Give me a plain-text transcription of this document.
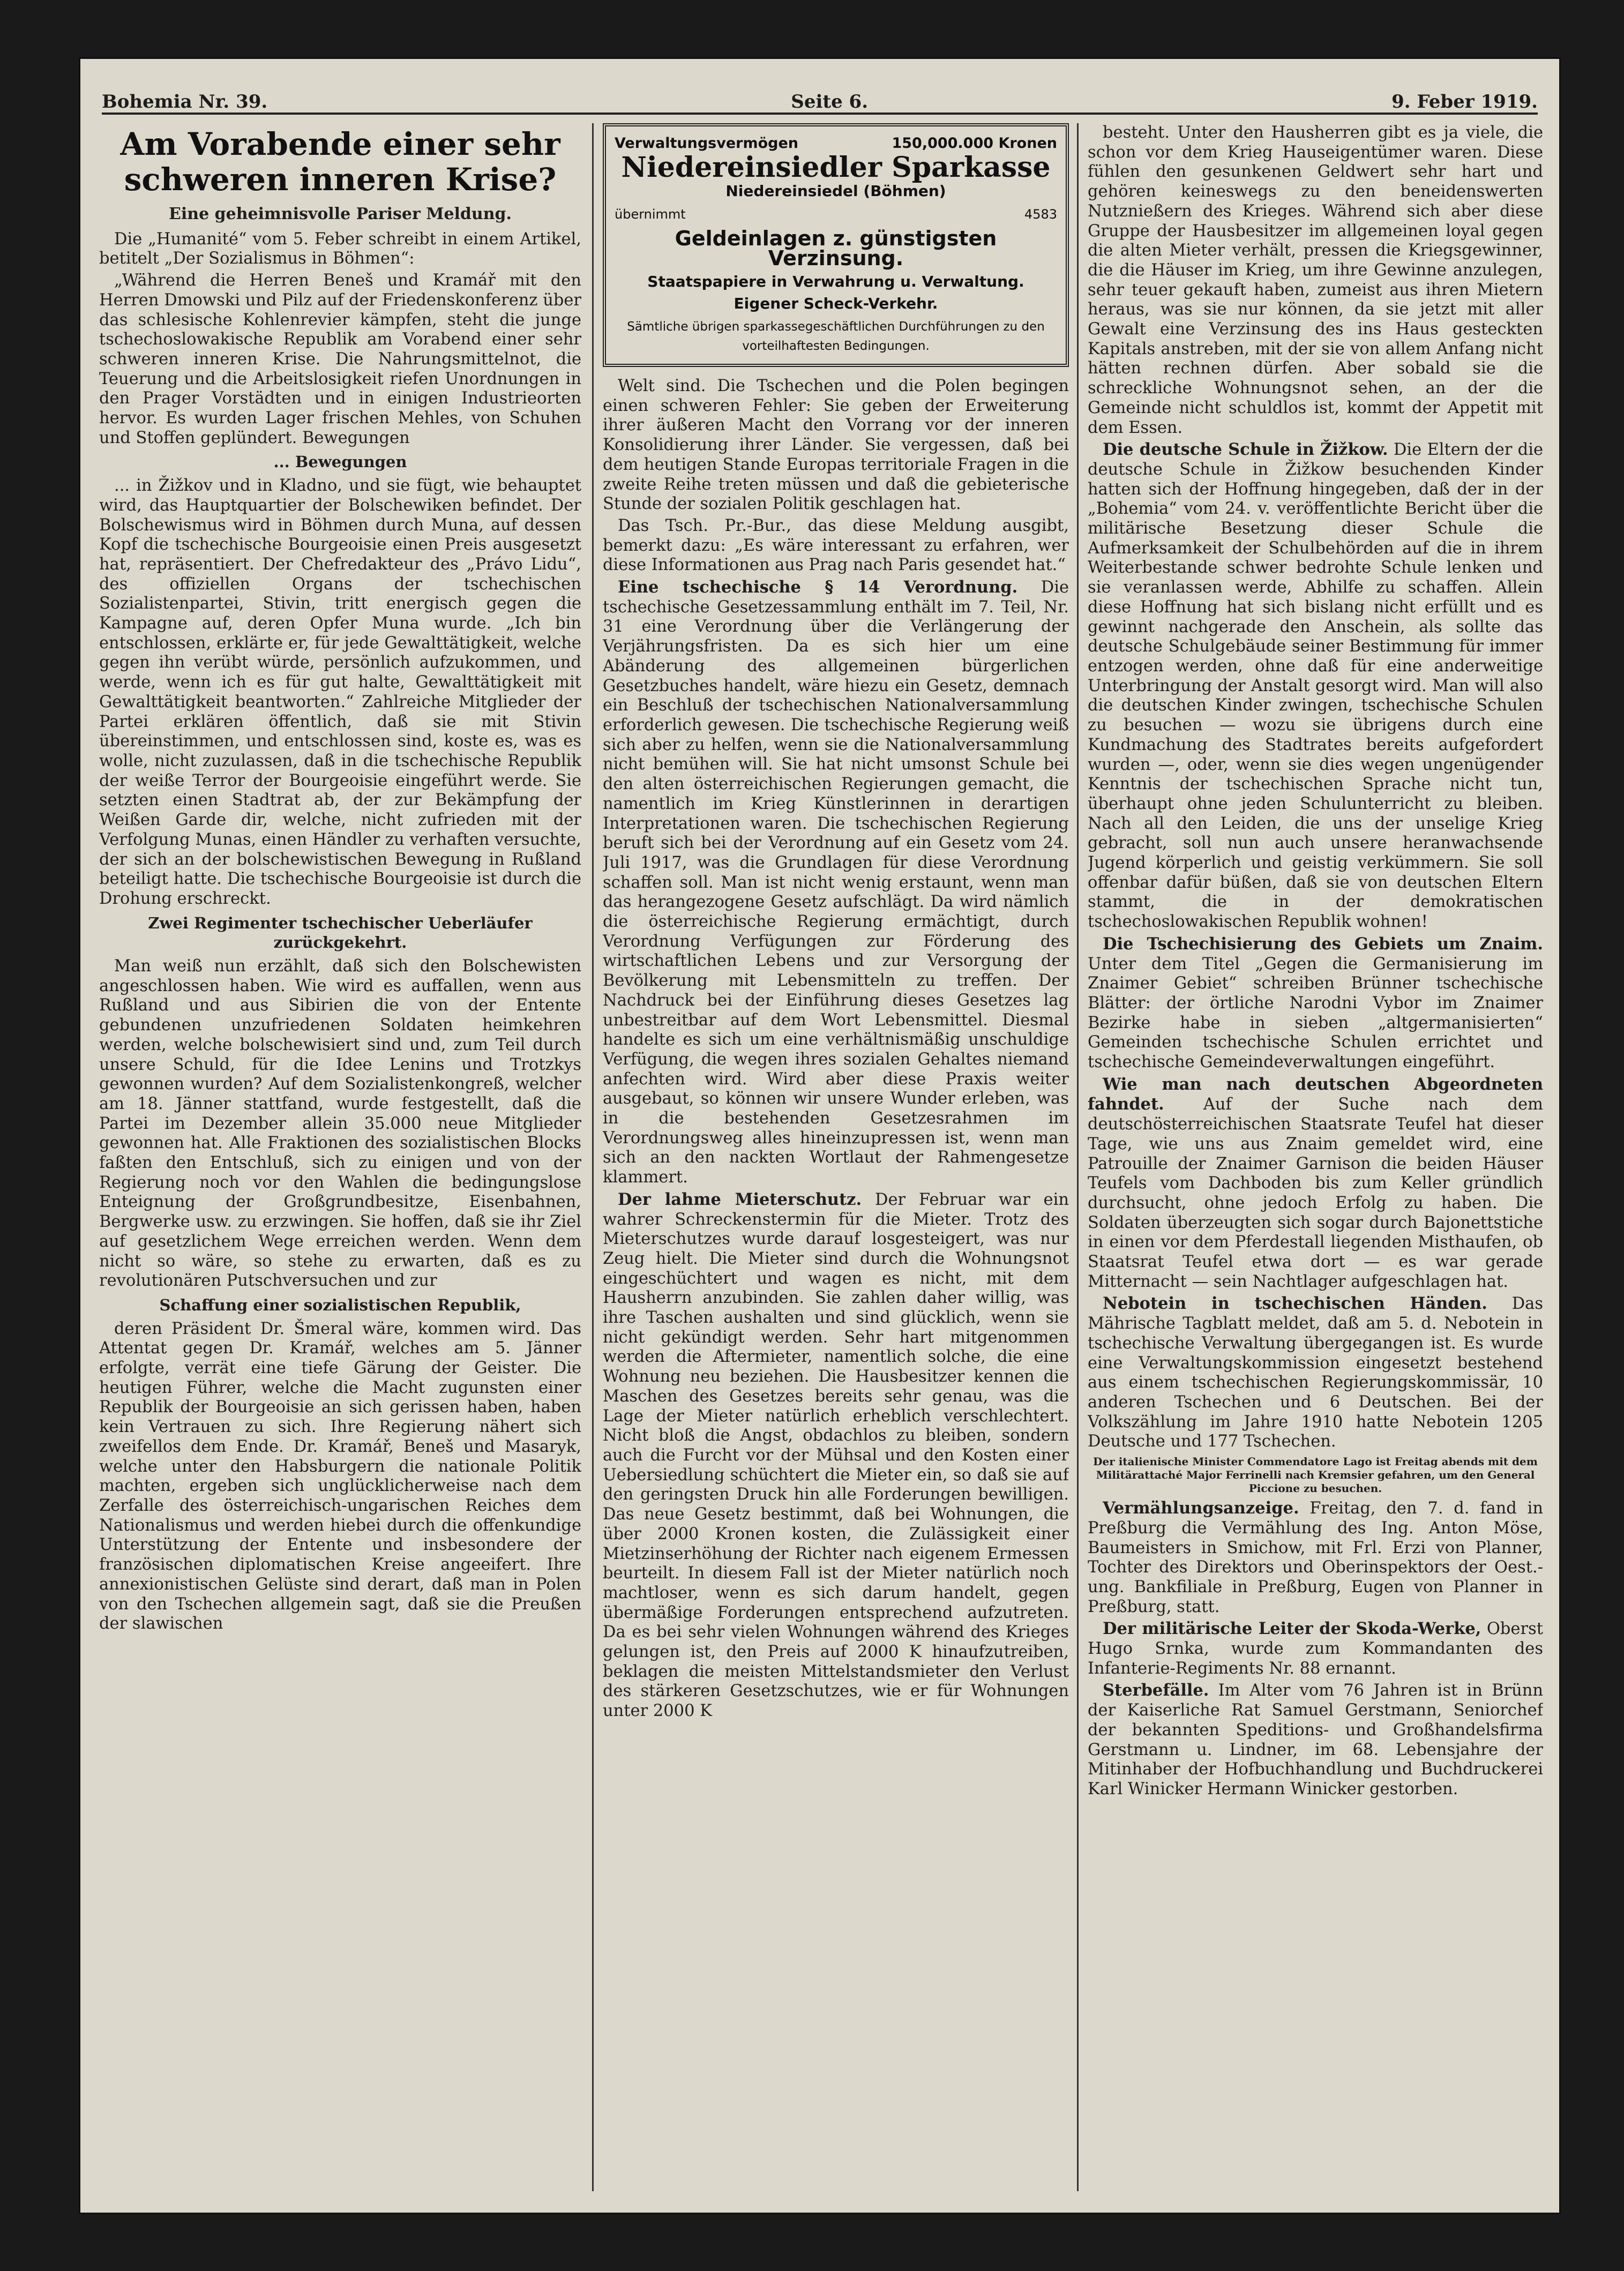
Bohemia Nr. 39.	Seite 6.	9. Feber 1919.
Am Vorabende einer sehr schweren inneren Krise?
Eine geheimnisvolle Pariser Meldung.

Die „Humanité“ vom 5. Feber schreibt in einem Artikel, betitelt „Der Sozialismus in Böhmen“:

„Während die Herren Beneš und Kramář mit den Herren Dmowski und Pilz auf der Friedenskonferenz über das schlesische Kohlenrevier kämpfen, steht die junge tschechoslowakische Republik am Vorabend einer sehr schweren inneren Krise. Die Nahrungsmittelnot, die Teuerung und die Arbeitslosigkeit riefen Unordnungen in den Prager Vorstädten und in einigen Industrieorten hervor. Es wurden Lager frischen Mehles, von Schuhen und Stoffen geplündert. Bewegungen

... Bewegungen

... in Žižkov und in Kladno, und sie fügt, wie behauptet wird, das Hauptquartier der Bolschewiken befindet. Der Bolschewismus wird in Böhmen durch Muna, auf dessen Kopf die tschechische Bourgeoisie einen Preis ausgesetzt hat, repräsentiert. Der Chefredakteur des „Právo Lidu“, des offiziellen Organs der tschechischen Sozialistenpartei, Stivin, tritt energisch gegen die Kampagne auf, deren Opfer Muna wurde. „Ich bin entschlossen, erklärte er, für jede Gewalttätigkeit, welche gegen ihn verübt würde, persönlich aufzukommen, und werde, wenn ich es für gut halte, Gewalttätigkeit mit Gewalttätigkeit beantworten.“ Zahlreiche Mitglieder der Partei erklären öffentlich, daß sie mit Stivin übereinstimmen, und entschlossen sind, koste es, was es wolle, nicht zuzulassen, daß in die tschechische Republik der weiße Terror der Bourgeoisie eingeführt werde. Sie setzten einen Stadtrat ab, der zur Bekämpfung der Weißen Garde dir, welche, nicht zufrieden mit der Verfolgung Munas, einen Händler zu verhaften versuchte, der sich an der bolschewistischen Bewegung in Rußland beteiligt hatte. Die tschechische Bourgeoisie ist durch die Drohung erschreckt.

Zwei Regimenter tschechischer Ueberläufer zurückgekehrt.

Man weiß nun erzählt, daß sich den Bolschewisten angeschlossen haben. Wie wird es auffallen, wenn aus Rußland und aus Sibirien die von der Entente gebundenen unzufriedenen Soldaten heimkehren werden, welche bolschewisiert sind und, zum Teil durch unsere Schuld, für die Idee Lenins und Trotzkys gewonnen wurden? Auf dem Sozialistenkongreß, welcher am 18. Jänner stattfand, wurde festgestellt, daß die Partei im Dezember allein 35.000 neue Mitglieder gewonnen hat. Alle Fraktionen des sozialistischen Blocks faßten den Entschluß, sich zu einigen und von der Regierung noch vor den Wahlen die bedingungslose Enteignung der Großgrundbesitze, Eisenbahnen, Bergwerke usw. zu erzwingen. Sie hoffen, daß sie ihr Ziel auf gesetzlichem Wege erreichen werden. Wenn dem nicht so wäre, so stehe zu erwarten, daß es zu revolutionären Putschversuchen und zur

Schaffung einer sozialistischen Republik,

deren Präsident Dr. Šmeral wäre, kommen wird. Das Attentat gegen Dr. Kramář, welches am 5. Jänner erfolgte, verrät eine tiefe Gärung der Geister. Die heutigen Führer, welche die Macht zugunsten einer Republik der Bourgeoisie an sich gerissen haben, haben kein Vertrauen zu sich. Ihre Regierung nähert sich zweifellos dem Ende. Dr. Kramář, Beneš und Masaryk, welche unter den Habsburgern die nationale Politik machten, ergeben sich unglücklicherweise nach dem Zerfalle des österreichisch-ungarischen Reiches dem Nationalismus und werden hiebei durch die offenkundige Unterstützung der Entente und insbesondere der französischen diplomatischen Kreise angeeifert. Ihre annexionistischen Gelüste sind derart, daß man in Polen von den Tschechen allgemein sagt, daß sie die Preußen der slawischen

Verwaltungsvermögen	150,000.000 Kronen
Niedereinsiedler Sparkasse
Niedereinsiedel (Böhmen)
übernimmt	4583
Geldeinlagen z. günstigsten Verzinsung.
Staatspapiere in Verwahrung u. Verwaltung.
Eigener Scheck-Verkehr.
Sämtliche übrigen sparkassegeschäftlichen Durchführungen zu den vorteilhaftesten Bedingungen.

Welt sind. Die Tschechen und die Polen begingen einen schweren Fehler: Sie geben der Erweiterung ihrer äußeren Macht den Vorrang vor der inneren Konsolidierung ihrer Länder. Sie vergessen, daß bei dem heutigen Stande Europas territoriale Fragen in die zweite Reihe treten müssen und daß die gebieterische Stunde der sozialen Politik geschlagen hat.

Das Tsch. Pr.-Bur., das diese Meldung ausgibt, bemerkt dazu: „Es wäre interessant zu erfahren, wer diese Informationen aus Prag nach Paris gesendet hat.“

Eine tschechische § 14 Verordnung. Die tschechische Gesetzessammlung enthält im 7. Teil, Nr. 31 eine Verordnung über die Verlängerung der Verjährungsfristen. Da es sich hier um eine Abänderung des allgemeinen bürgerlichen Gesetzbuches handelt, wäre hiezu ein Gesetz, demnach ein Beschluß der tschechischen Nationalversammlung erforderlich gewesen. Die tschechische Regierung weiß sich aber zu helfen, wenn sie die Nationalversammlung nicht bemühen will. Sie hat nicht umsonst Schule bei den alten österreichischen Regierungen gemacht, die namentlich im Krieg Künstlerinnen in derartigen Interpretationen waren. Die tschechischen Regierung beruft sich bei der Verordnung auf ein Gesetz vom 24. Juli 1917, was die Grundlagen für diese Verordnung schaffen soll. Man ist nicht wenig erstaunt, wenn man das herangezogene Gesetz aufschlägt. Da wird nämlich die österreichische Regierung ermächtigt, durch Verordnung Verfügungen zur Förderung des wirtschaftlichen Lebens und zur Versorgung der Bevölkerung mit Lebensmitteln zu treffen. Der Nachdruck bei der Einführung dieses Gesetzes lag unbestreitbar auf dem Wort Lebensmittel. Diesmal handelte es sich um eine verhältnismäßig unschuldige Verfügung, die wegen ihres sozialen Gehaltes niemand anfechten wird. Wird aber diese Praxis weiter ausgebaut, so können wir unsere Wunder erleben, was in die bestehenden Gesetzesrahmen im Verordnungsweg alles hineinzupressen ist, wenn man sich an den nackten Wortlaut der Rahmengesetze klammert.

Der lahme Mieterschutz. Der Februar war ein wahrer Schreckenstermin für die Mieter. Trotz des Mieterschutzes wurde darauf losgesteigert, was nur Zeug hielt. Die Mieter sind durch die Wohnungsnot eingeschüchtert und wagen es nicht, mit dem Hausherrn anzubinden. Sie zahlen daher willig, was ihre Taschen aushalten und sind glücklich, wenn sie nicht gekündigt werden. Sehr hart mitgenommen werden die Aftermieter, namentlich solche, die eine Wohnung neu beziehen. Die Hausbesitzer kennen die Maschen des Gesetzes bereits sehr genau, was die Lage der Mieter natürlich erheblich verschlechtert. Nicht bloß die Angst, obdachlos zu bleiben, sondern auch die Furcht vor der Mühsal und den Kosten einer Uebersiedlung schüchtert die Mieter ein, so daß sie auf den geringsten Druck hin alle Forderungen bewilligen. Das neue Gesetz bestimmt, daß bei Wohnungen, die über 2000 Kronen kosten, die Zulässigkeit einer Mietzinserhöhung der Richter nach eigenem Ermessen beurteilt. In diesem Fall ist der Mieter natürlich noch machtloser, wenn es sich darum handelt, gegen übermäßige Forderungen entsprechend aufzutreten. Da es bei sehr vielen Wohnungen während des Krieges gelungen ist, den Preis auf 2000 K hinaufzutreiben, beklagen die meisten Mittelstandsmieter den Verlust des stärkeren Gesetzschutzes, wie er für Wohnungen unter 2000 K

besteht. Unter den Hausherren gibt es ja viele, die schon vor dem Krieg Hauseigentümer waren. Diese fühlen den gesunkenen Geldwert sehr hart und gehören keineswegs zu den beneidenswerten Nutznießern des Krieges. Während sich aber diese Gruppe der Hausbesitzer im allgemeinen loyal gegen die alten Mieter verhält, pressen die Kriegsgewinner, die die Häuser im Krieg, um ihre Gewinne anzulegen, sehr teuer gekauft haben, zumeist aus ihren Mietern heraus, was sie nur können, da sie jetzt mit aller Gewalt eine Verzinsung des ins Haus gesteckten Kapitals anstreben, mit der sie von allem Anfang nicht hätten rechnen dürfen. Aber sobald sie die schreckliche Wohnungsnot sehen, an der die Gemeinde nicht schuldlos ist, kommt der Appetit mit dem Essen.

Die deutsche Schule in Žižkow. Die Eltern der die deutsche Schule in Žižkow besuchenden Kinder hatten sich der Hoffnung hingegeben, daß der in der „Bohemia“ vom 24. v. veröffentlichte Bericht über die militärische Besetzung dieser Schule die Aufmerksamkeit der Schulbehörden auf die in ihrem Weiterbestande schwer bedrohte Schule lenken und sie veranlassen werde, Abhilfe zu schaffen. Allein diese Hoffnung hat sich bislang nicht erfüllt und es gewinnt nachgerade den Anschein, als sollte das deutsche Schulgebäude seiner Bestimmung für immer entzogen werden, ohne daß für eine anderweitige Unterbringung der Anstalt gesorgt wird. Man will also die deutschen Kinder zwingen, tschechische Schulen zu besuchen — wozu sie übrigens durch eine Kundmachung des Stadtrates bereits aufgefordert wurden —, oder, wenn sie dies wegen ungenügender Kenntnis der tschechischen Sprache nicht tun, überhaupt ohne jeden Schulunterricht zu bleiben. Nach all den Leiden, die uns der unselige Krieg gebracht, soll nun auch unsere heranwachsende Jugend körperlich und geistig verkümmern. Sie soll offenbar dafür büßen, daß sie von deutschen Eltern stammt, die in der demokratischen tschechoslowakischen Republik wohnen!

Die Tschechisierung des Gebiets um Znaim. Unter dem Titel „Gegen die Germanisierung im Znaimer Gebiet“ schreiben Brünner tschechische Blätter: der örtliche Narodni Vybor im Znaimer Bezirke habe in sieben „altgermanisierten“ Gemeinden tschechische Schulen errichtet und tschechische Gemeindeverwaltungen eingeführt.

Wie man nach deutschen Abgeordneten fahndet. Auf der Suche nach dem deutschösterreichischen Staatsrate Teufel hat dieser Tage, wie uns aus Znaim gemeldet wird, eine Patrouille der Znaimer Garnison die beiden Häuser Teufels vom Dachboden bis zum Keller gründlich durchsucht, ohne jedoch Erfolg zu haben. Die Soldaten überzeugten sich sogar durch Bajonettstiche in einen vor dem Pferdestall liegenden Misthaufen, ob Staatsrat Teufel etwa dort — es war gerade Mitternacht — sein Nachtlager aufgeschlagen hat.

Nebotein in tschechischen Händen. Das Mährische Tagblatt meldet, daß am 5. d. Nebotein in tschechische Verwaltung übergegangen ist. Es wurde eine Verwaltungskommission eingesetzt bestehend aus einem tschechischen Regierungskommissär, 10 anderen Tschechen und 6 Deutschen. Bei der Volkszählung im Jahre 1910 hatte Nebotein 1205 Deutsche und 177 Tschechen.

Der italienische Minister Commendatore Lago ist Freitag abends mit dem Militärattaché Major Ferrinelli nach Kremsier gefahren, um den General Piccione zu besuchen.

Vermählungsanzeige. Freitag, den 7. d. fand in Preßburg die Vermählung des Ing. Anton Möse, Baumeisters in Smichow, mit Frl. Erzi von Planner, Tochter des Direktors und Oberinspektors der Oest.-ung. Bankfiliale in Preßburg, Eugen von Planner in Preßburg, statt.

Der militärische Leiter der Skoda-Werke, Oberst Hugo Srnka, wurde zum Kommandanten des Infanterie-Regiments Nr. 88 ernannt.

Sterbefälle. Im Alter vom 76 Jahren ist in Brünn der Kaiserliche Rat Samuel Gerstmann, Seniorchef der bekannten Speditions- und Großhandelsfirma Gerstmann u. Lindner, im 68. Lebensjahre der Mitinhaber der Hofbuchhandlung und Buchdruckerei Karl Winicker Hermann Winicker gestorben.
